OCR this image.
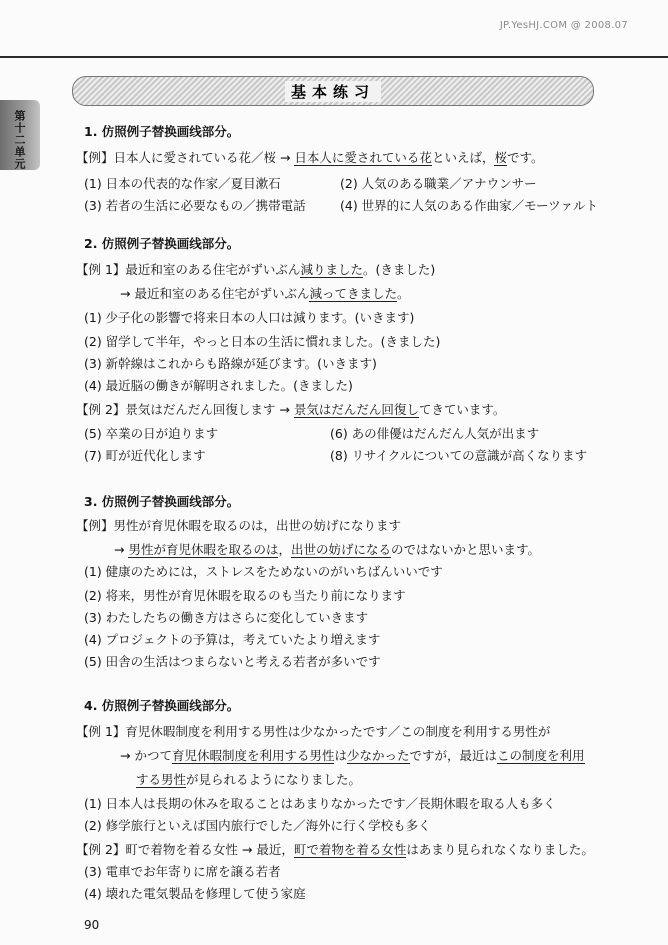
JP.YesHJ.COM @ 2008.07
第十二单元
基本练习
1. 仿照例子替换画线部分。
【例】日本人に愛されている花／桜 → 日本人に愛されている花といえば，桜です。
(1) 日本の代表的な作家／夏目漱石	(2) 人気のある職業／アナウンサー
(3) 若者の生活に必要なもの／携帯電話	(4) 世界的に人気のある作曲家／モーツァルト
2. 仿照例子替换画线部分。
【例 1】最近和室のある住宅がずいぶん減りました。(きました)
→ 最近和室のある住宅がずいぶん減ってきました。
(1) 少子化の影響で将来日本の人口は減ります。(いきます)
(2) 留学して半年，やっと日本の生活に慣れました。(きました)
(3) 新幹線はこれからも路線が延びます。(いきます)
(4) 最近脳の働きが解明されました。(きました)
【例 2】景気はだんだん回復します → 景気はだんだん回復してきています。
(5) 卒業の日が迫ります	(6) あの俳優はだんだん人気が出ます
(7) 町が近代化します	(8) リサイクルについての意識が高くなります
3. 仿照例子替换画线部分。
【例】男性が育児休暇を取るのは，出世の妨げになります
→ 男性が育児休暇を取るのは，出世の妨げになるのではないかと思います。
(1) 健康のためには，ストレスをためないのがいちばんいいです
(2) 将来，男性が育児休暇を取るのも当たり前になります
(3) わたしたちの働き方はさらに変化していきます
(4) プロジェクトの予算は，考えていたより増えます
(5) 田舎の生活はつまらないと考える若者が多いです
4. 仿照例子替换画线部分。
【例 1】育児休暇制度を利用する男性は少なかったです／この制度を利用する男性が
→ かつて育児休暇制度を利用する男性は少なかったですが，最近はこの制度を利用
する男性が見られるようになりました。
(1) 日本人は長期の休みを取ることはあまりなかったです／長期休暇を取る人も多く
(2) 修学旅行といえば国内旅行でした／海外に行く学校も多く
【例 2】町で着物を着る女性 → 最近，町で着物を着る女性はあまり見られなくなりました。
(3) 電車でお年寄りに席を譲る若者
(4) 壊れた電気製品を修理して使う家庭
90
